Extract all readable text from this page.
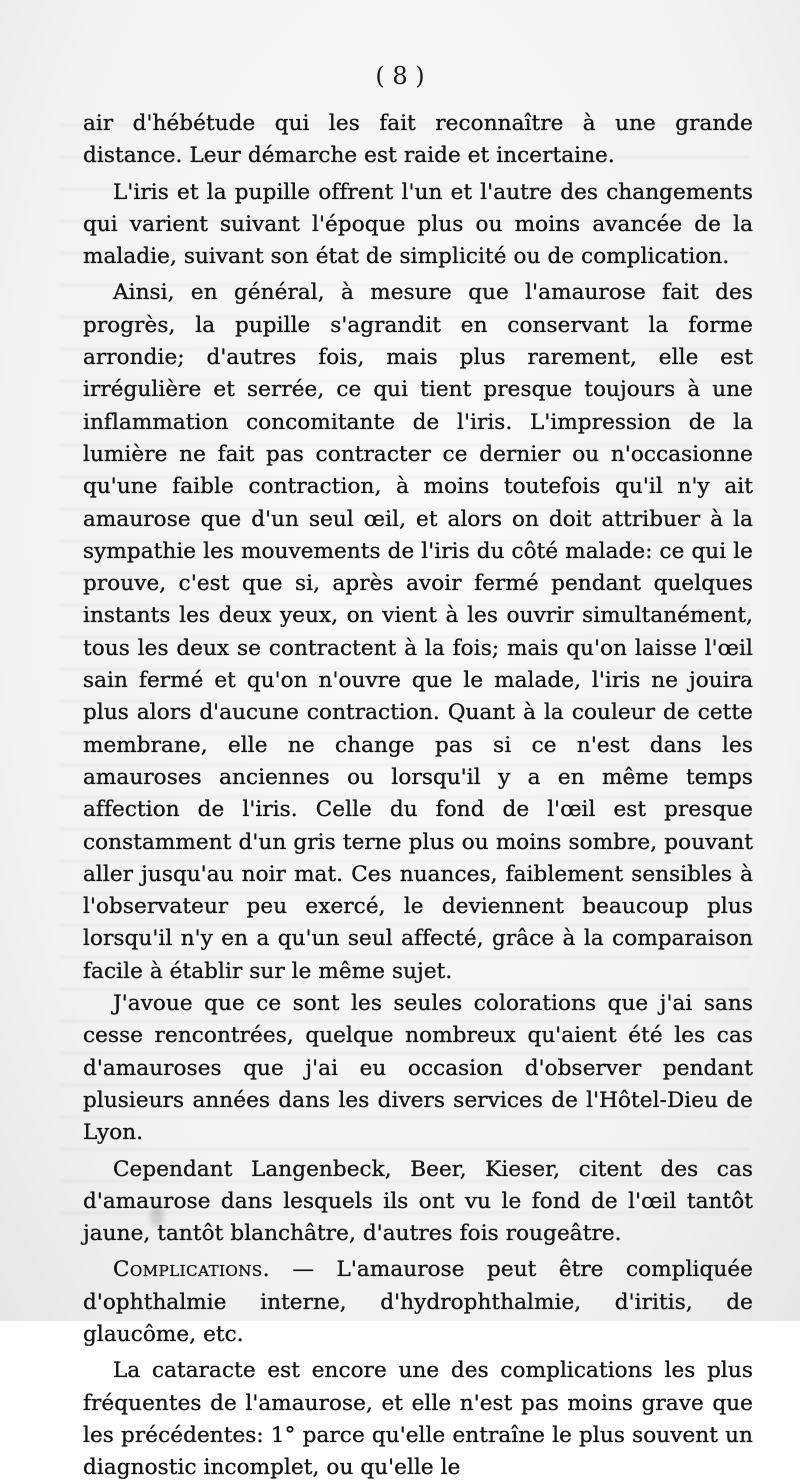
( 8 )

air d'hébétude qui les fait reconnaître à une grande distance. Leur démarche est raide et incertaine.

L'iris et la pupille offrent l'un et l'autre des changements qui varient suivant l'époque plus ou moins avancée de la maladie, suivant son état de simplicité ou de complication.

Ainsi, en général, à mesure que l'amaurose fait des progrès, la pupille s'agrandit en conservant la forme arrondie; d'autres fois, mais plus rarement, elle est irrégulière et serrée, ce qui tient presque toujours à une inflammation concomitante de l'iris. L'impression de la lumière ne fait pas contracter ce dernier ou n'occasionne qu'une faible contraction, à moins toutefois qu'il n'y ait amaurose que d'un seul œil, et alors on doit attribuer à la sympathie les mouvements de l'iris du côté malade: ce qui le prouve, c'est que si, après avoir fermé pendant quelques instants les deux yeux, on vient à les ouvrir simultanément, tous les deux se contractent à la fois; mais qu'on laisse l'œil sain fermé et qu'on n'ouvre que le malade, l'iris ne jouira plus alors d'aucune contraction. Quant à la couleur de cette membrane, elle ne change pas si ce n'est dans les amauroses anciennes ou lorsqu'il y a en même temps affection de l'iris. Celle du fond de l'œil est presque constamment d'un gris terne plus ou moins sombre, pouvant aller jusqu'au noir mat. Ces nuances, faiblement sensibles à l'observateur peu exercé, le deviennent beaucoup plus lorsqu'il n'y en a qu'un seul affecté, grâce à la comparaison facile à établir sur le même sujet.

J'avoue que ce sont les seules colorations que j'ai sans cesse rencontrées, quelque nombreux qu'aient été les cas d'amauroses que j'ai eu occasion d'observer pendant plusieurs années dans les divers services de l'Hôtel-Dieu de Lyon.

Cependant Langenbeck, Beer, Kieser, citent des cas d'amaurose dans lesquels ils ont vu le fond de l'œil tantôt jaune, tantôt blanchâtre, d'autres fois rougeâtre.

Complications. — L'amaurose peut être compliquée d'ophthalmie interne, d'hydrophthalmie, d'iritis, de glaucôme, etc.

La cataracte est encore une des complications les plus fréquentes de l'amaurose, et elle n'est pas moins grave que les précédentes: 1° parce qu'elle entraîne le plus souvent un diagnostic incomplet, ou qu'elle le
